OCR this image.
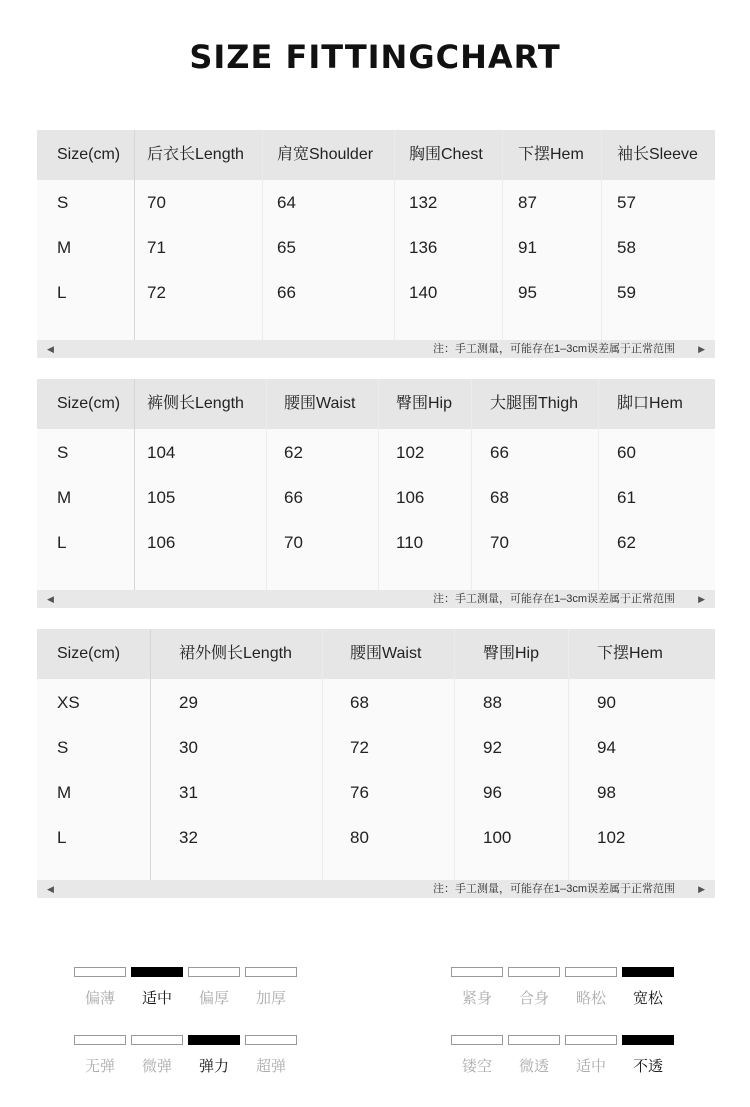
SIZE FITTINGCHART
Size(cm) 后衣长Length 肩宽Shoulder 胸围Chest 下摆Hem 袖长Sleeve
S	70	64	132	87	57
M	71	65	136	91	58
L	72	66	140	95	59
◀	注：手工测量，可能存在1–3cm误差属于正常范围	▶
Size(cm) 裤侧长Length	腰围Waist	臀围Hip 大腿围Thigh 脚口Hem
S	104	62	102	66	60
M	105	66	106	68	61
L	106	70	110	70	62
◀	注：手工测量，可能存在1–3cm误差属于正常范围	▶
Size(cm)	裙外侧长Length	腰围Waist	臀围Hip	下摆Hem
XS	29	68	88	90
S	30	72	92	94
M	31	76	96	98
L	32	80	100	102
◀	注：手工测量，可能存在1–3cm误差属于正常范围	▶
偏薄	适中	偏厚	加厚	紧身	合身	略松	宽松
无弹	微弹	弹力	超弹	镂空	微透	适中	不透
